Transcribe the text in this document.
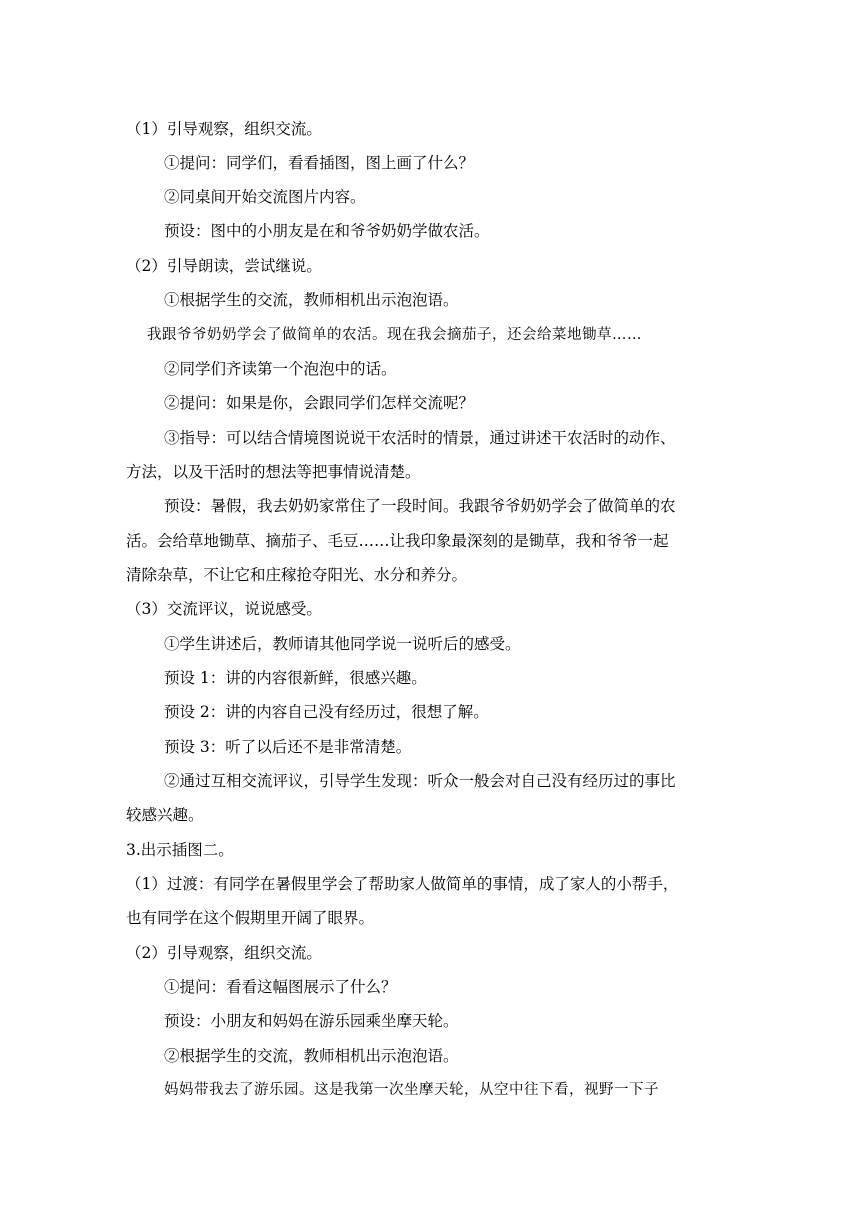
（1）引导观察，组织交流。
①提问：同学们，看看插图，图上画了什么？
②同桌间开始交流图片内容。
预设：图中的小朋友是在和爷爷奶奶学做农活。
（2）引导朗读，尝试继说。
①根据学生的交流，教师相机出示泡泡语。
我跟爷爷奶奶学会了做简单的农活。现在我会摘茄子，还会给菜地锄草……
②同学们齐读第一个泡泡中的话。
②提问：如果是你，会跟同学们怎样交流呢？
③指导：可以结合情境图说说干农活时的情景，通过讲述干农活时的动作、
方法，以及干活时的想法等把事情说清楚。
预设：暑假，我去奶奶家常住了一段时间。我跟爷爷奶奶学会了做简单的农
活。会给草地锄草、摘茄子、毛豆……让我印象最深刻的是锄草，我和爷爷一起
清除杂草，不让它和庄稼抢夺阳光、水分和养分。
（3）交流评议，说说感受。
①学生讲述后，教师请其他同学说一说听后的感受。
预设 1：讲的内容很新鲜，很感兴趣。
预设 2：讲的内容自己没有经历过，很想了解。
预设 3：听了以后还不是非常清楚。
②通过互相交流评议，引导学生发现：听众一般会对自己没有经历过的事比
较感兴趣。
3.出示插图二。
（1）过渡：有同学在暑假里学会了帮助家人做简单的事情，成了家人的小帮手，
也有同学在这个假期里开阔了眼界。
（2）引导观察，组织交流。
①提问：看看这幅图展示了什么？
预设：小朋友和妈妈在游乐园乘坐摩天轮。
②根据学生的交流，教师相机出示泡泡语。
妈妈带我去了游乐园。这是我第一次坐摩天轮，从空中往下看，视野一下子
